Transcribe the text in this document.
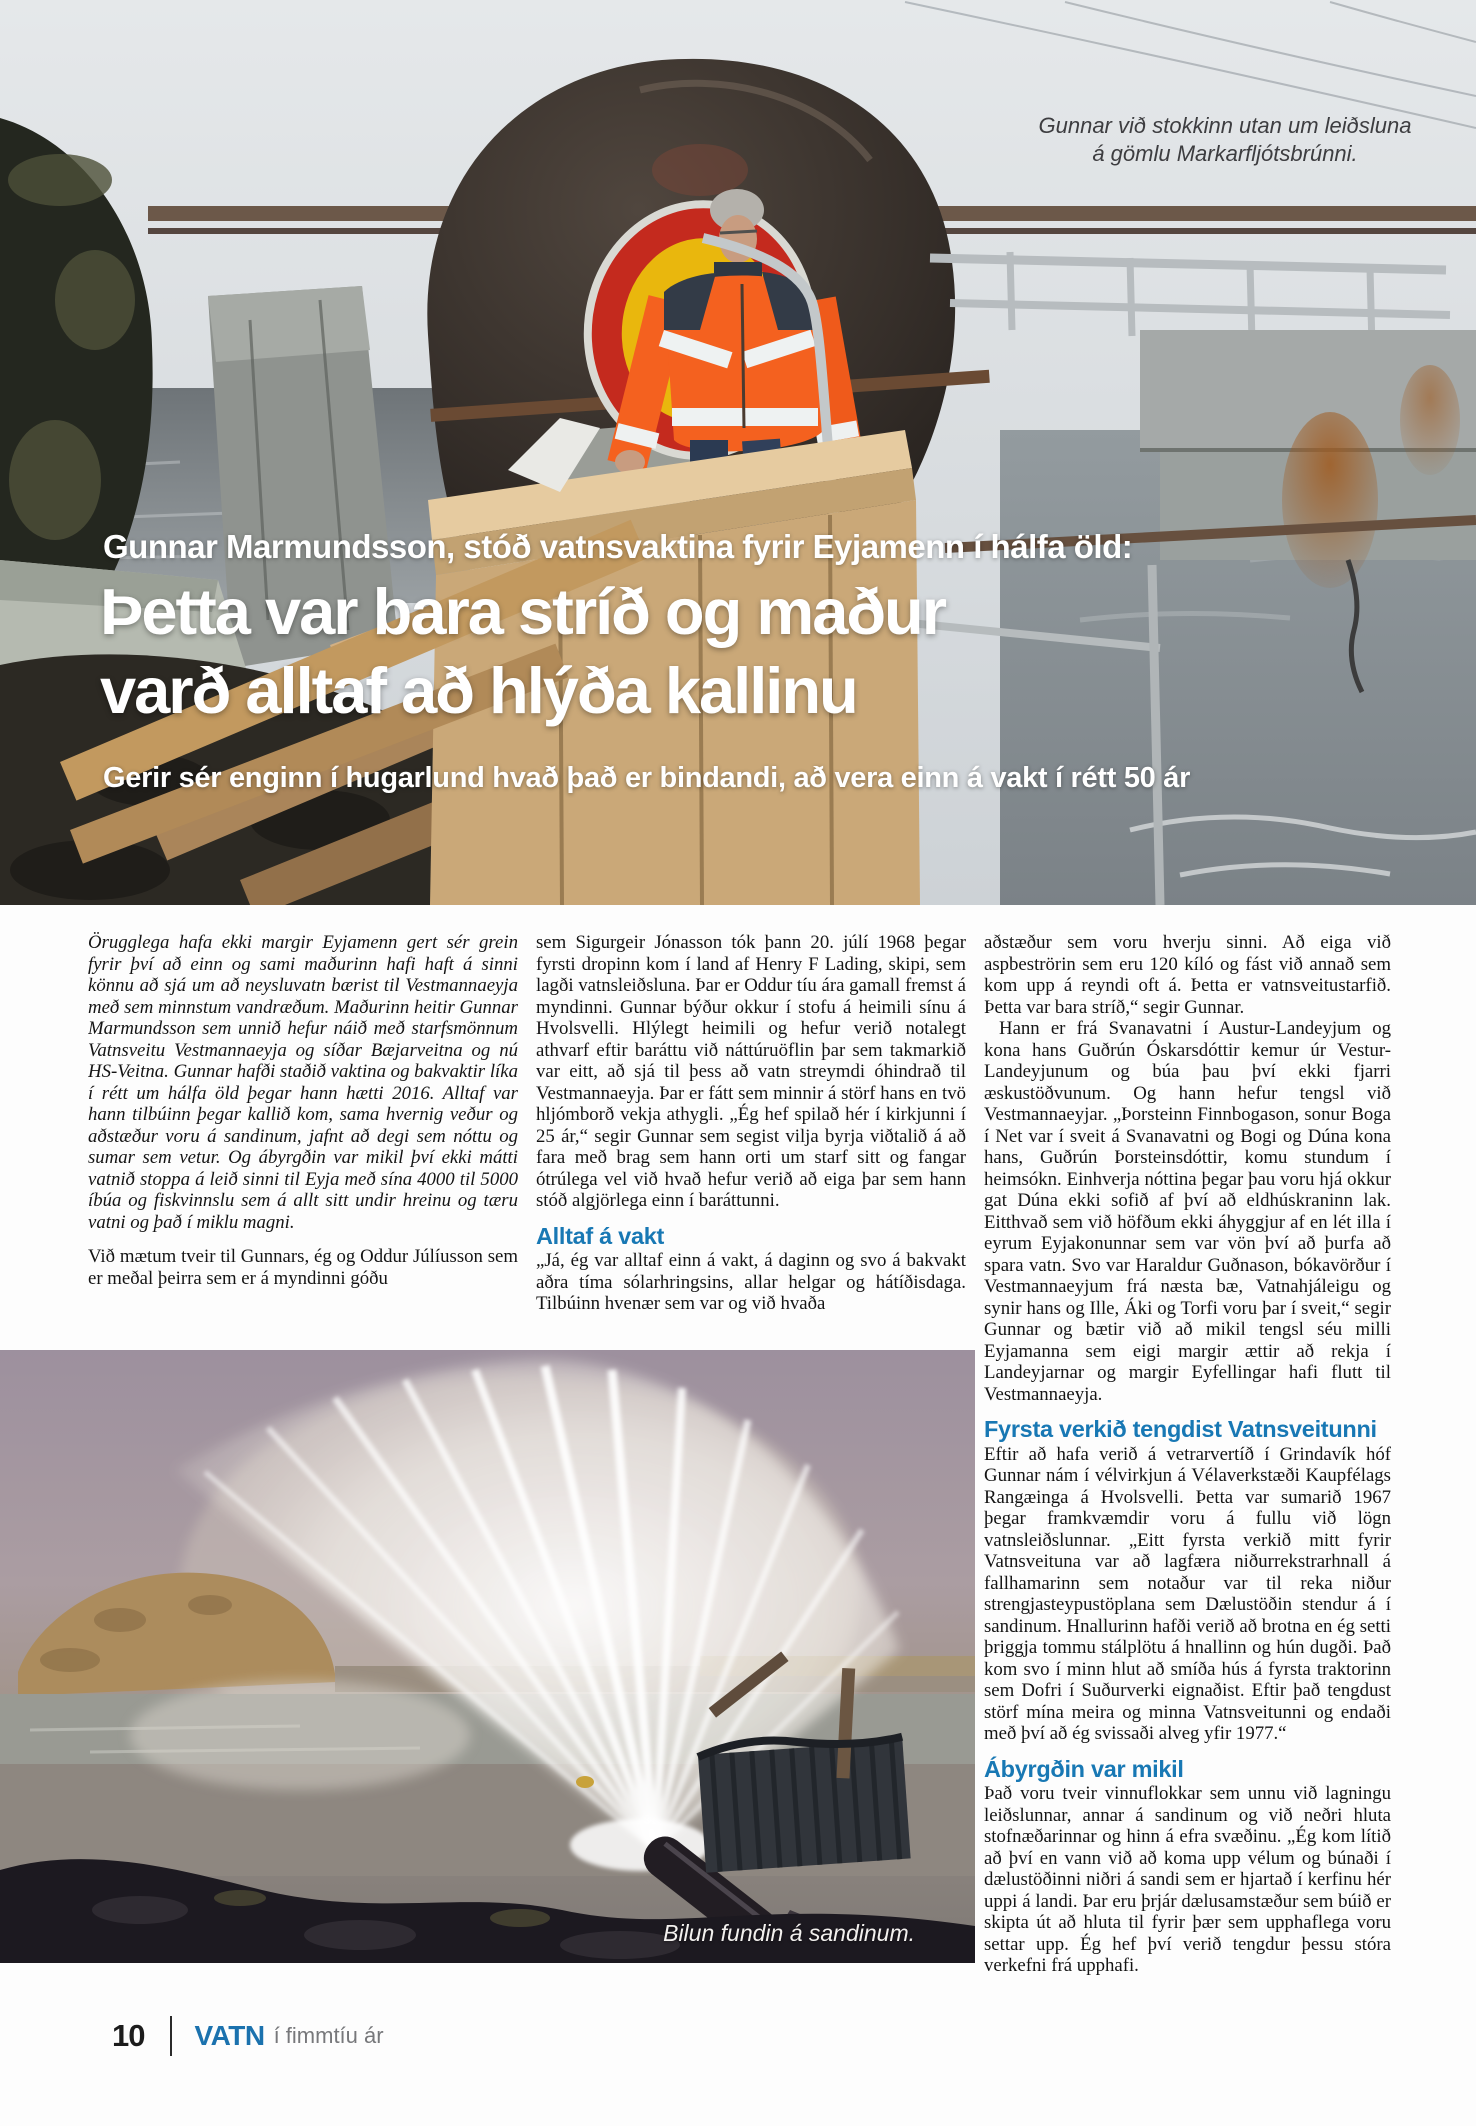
Gunnar við stokkinn utan um leiðsluna
á gömlu Markarfljótsbrúnni.
Gunnar Marmundsson, stóð vatnsvaktina fyrir Eyjamenn í hálfa öld:
Þetta var bara stríð og maður
varð alltaf að hlýða kallinu
Gerir sér enginn í hugarlund hvað það er bindandi, að vera einn á vakt í rétt 50 ár

Örugglega hafa ekki margir Eyjamenn gert sér grein fyrir því að einn og sami maðurinn hafi haft á sinni könnu að sjá um að neysluvatn bærist til Vestmannaeyja með sem minnstum vandræðum. Maðurinn heitir Gunnar Marmundsson sem unnið hefur náið með starfsmönnum Vatnsveitu Vestmannaeyja og síðar Bæjarveitna og nú HS-Veitna. Gunnar hafði staðið vaktina og bakvaktir líka í rétt um hálfa öld þegar hann hætti 2016. Alltaf var hann tilbúinn þegar kallið kom, sama hvernig veður og aðstæður voru á sandinum, jafnt að degi sem nóttu og sumar sem vetur. Og ábyrgðin var mikil því ekki mátti vatnið stoppa á leið sinni til Eyja með sína 4000 til 5000 íbúa og fiskvinnslu sem á allt sitt undir hreinu og tæru vatni og það í miklu magni.

Við mætum tveir til Gunnars, ég og Oddur Júlíusson sem er meðal þeirra sem er á myndinni góðu

sem Sigurgeir Jónasson tók þann 20. júlí 1968 þegar fyrsti dropinn kom í land af Henry F Lading, skipi, sem lagði vatnsleiðsluna. Þar er Oddur tíu ára gamall fremst á myndinni. Gunnar býður okkur í stofu á heimili sínu á Hvolsvelli. Hlýlegt heimili og hefur verið notalegt athvarf eftir baráttu við náttúruöflin þar sem takmarkið var eitt, að sjá til þess að vatn streymdi óhindrað til Vestmannaeyja. Þar er fátt sem minnir á störf hans en tvö hljómborð vekja athygli. „Ég hef spilað hér í kirkjunni í 25 ár,“ segir Gunnar sem segist vilja byrja viðtalið á að fara með brag sem hann orti um starf sitt og fangar ótrúlega vel við hvað hefur verið að eiga þar sem hann stóð algjörlega einn í baráttunni.

Alltaf á vakt

„Já, ég var alltaf einn á vakt, á daginn og svo á bakvakt aðra tíma sólarhringsins, allar helgar og hátíðisdaga. Tilbúinn hvenær sem var og við hvaða

aðstæður sem voru hverju sinni. Að eiga við aspbeströrin sem eru 120 kíló og fást við annað sem kom upp á reyndi oft á. Þetta er vatnsveitustarfið. Þetta var bara stríð,“ segir Gunnar.

Hann er frá Svanavatni í Austur-Landeyjum og kona hans Guðrún Óskarsdóttir kemur úr Vestur-Landeyjunum og búa þau því ekki fjarri æskustöðvunum. Og hann hefur tengsl við Vestmannaeyjar. „Þorsteinn Finnbogason, sonur Boga í Net var í sveit á Svanavatni og Bogi og Dúna kona hans, Guðrún Þorsteinsdóttir, komu stundum í heimsókn. Einhverja nóttina þegar þau voru hjá okkur gat Dúna ekki sofið af því að eldhúskraninn lak. Eitthvað sem við höfðum ekki áhyggjur af en lét illa í eyrum Eyjakonunnar sem var vön því að þurfa að spara vatn. Svo var Haraldur Guðnason, bókavörður í Vestmannaeyjum frá næsta bæ, Vatnahjáleigu og synir hans og Ille, Áki og Torfi voru þar í sveit,“ segir Gunnar og bætir við að mikil tengsl séu milli Eyjamanna sem eigi margir ættir að rekja í Landeyjarnar og margir Eyfellingar hafi flutt til Vestmannaeyja.

Fyrsta verkið tengdist Vatnsveitunni

Eftir að hafa verið á vetrarvertíð í Grindavík hóf Gunnar nám í vélvirkjun á Vélaverkstæði Kaupfélags Rangæinga á Hvolsvelli. Þetta var sumarið 1967 þegar framkvæmdir voru á fullu við lögn vatnsleiðslunnar. „Eitt fyrsta verkið mitt fyrir Vatnsveituna var að lagfæra niðurrekstrarhnall á fallhamarinn sem notaður var til reka niður strengjasteypustöplana sem Dælustöðin stendur á í sandinum. Hnallurinn hafði verið að brotna en ég setti þriggja tommu stálplötu á hnallinn og hún dugði. Það kom svo í minn hlut að smíða hús á fyrsta traktorinn sem Dofri í Suðurverki eignaðist. Eftir það tengdust störf mína meira og minna Vatnsveitunni og endaði með því að ég svissaði alveg yfir 1977.“

Ábyrgðin var mikil

Það voru tveir vinnuflokkar sem unnu við lagningu leiðslunnar, annar á sandinum og við neðri hluta stofnæðarinnar og hinn á efra svæðinu. „Ég kom lítið að því en vann við að koma upp vélum og búnaði í dælustöðinni niðri á sandi sem er hjartað í kerfinu hér uppi á landi. Þar eru þrjár dælusamstæður sem búið er skipta út að hluta til fyrir þær sem upphaflega voru settar upp. Ég hef því verið tengdur þessu stóra verkefni frá upphafi.

Bilun fundin á sandinum.
10 VATN í fimmtíu ár
